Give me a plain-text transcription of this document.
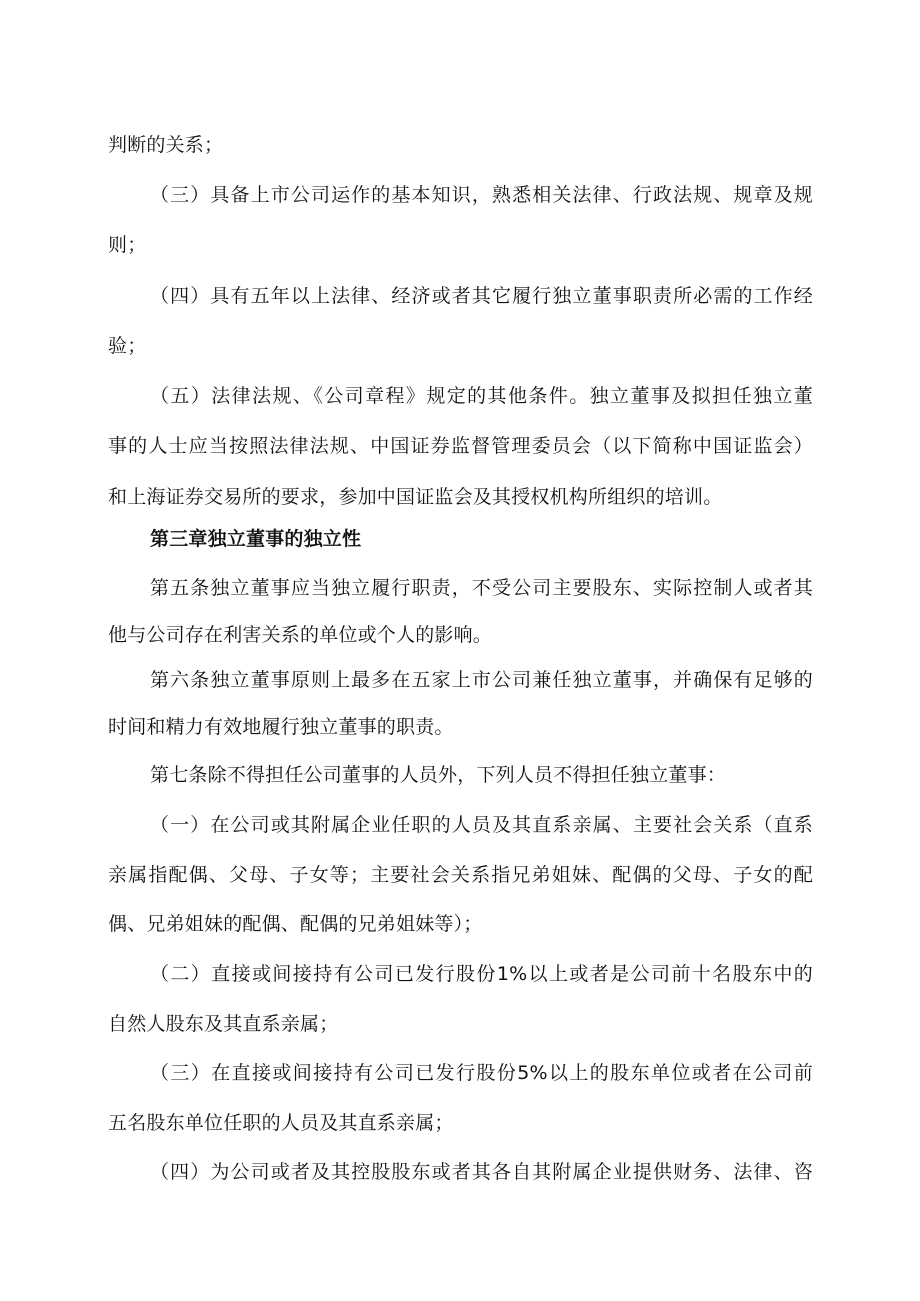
判断的关系；
（三）具备上市公司运作的基本知识，熟悉相关法律、行政法规、规章及规
则；
（四）具有五年以上法律、经济或者其它履行独立董事职责所必需的工作经
验；
（五）法律法规、《公司章程》规定的其他条件。独立董事及拟担任独立董
事的人士应当按照法律法规、中国证券监督管理委员会（以下简称中国证监会）
和上海证券交易所的要求，参加中国证监会及其授权机构所组织的培训。
第三章独立董事的独立性
第五条独立董事应当独立履行职责，不受公司主要股东、实际控制人或者其
他与公司存在利害关系的单位或个人的影响。
第六条独立董事原则上最多在五家上市公司兼任独立董事，并确保有足够的
时间和精力有效地履行独立董事的职责。
第七条除不得担任公司董事的人员外，下列人员不得担任独立董事：
（一）在公司或其附属企业任职的人员及其直系亲属、主要社会关系（直系
亲属指配偶、父母、子女等；主要社会关系指兄弟姐妹、配偶的父母、子女的配
偶、兄弟姐妹的配偶、配偶的兄弟姐妹等）；
（二）直接或间接持有公司已发行股份1%以上或者是公司前十名股东中的
自然人股东及其直系亲属；
（三）在直接或间接持有公司已发行股份5%以上的股东单位或者在公司前
五名股东单位任职的人员及其直系亲属；
（四）为公司或者及其控股股东或者其各自其附属企业提供财务、法律、咨
